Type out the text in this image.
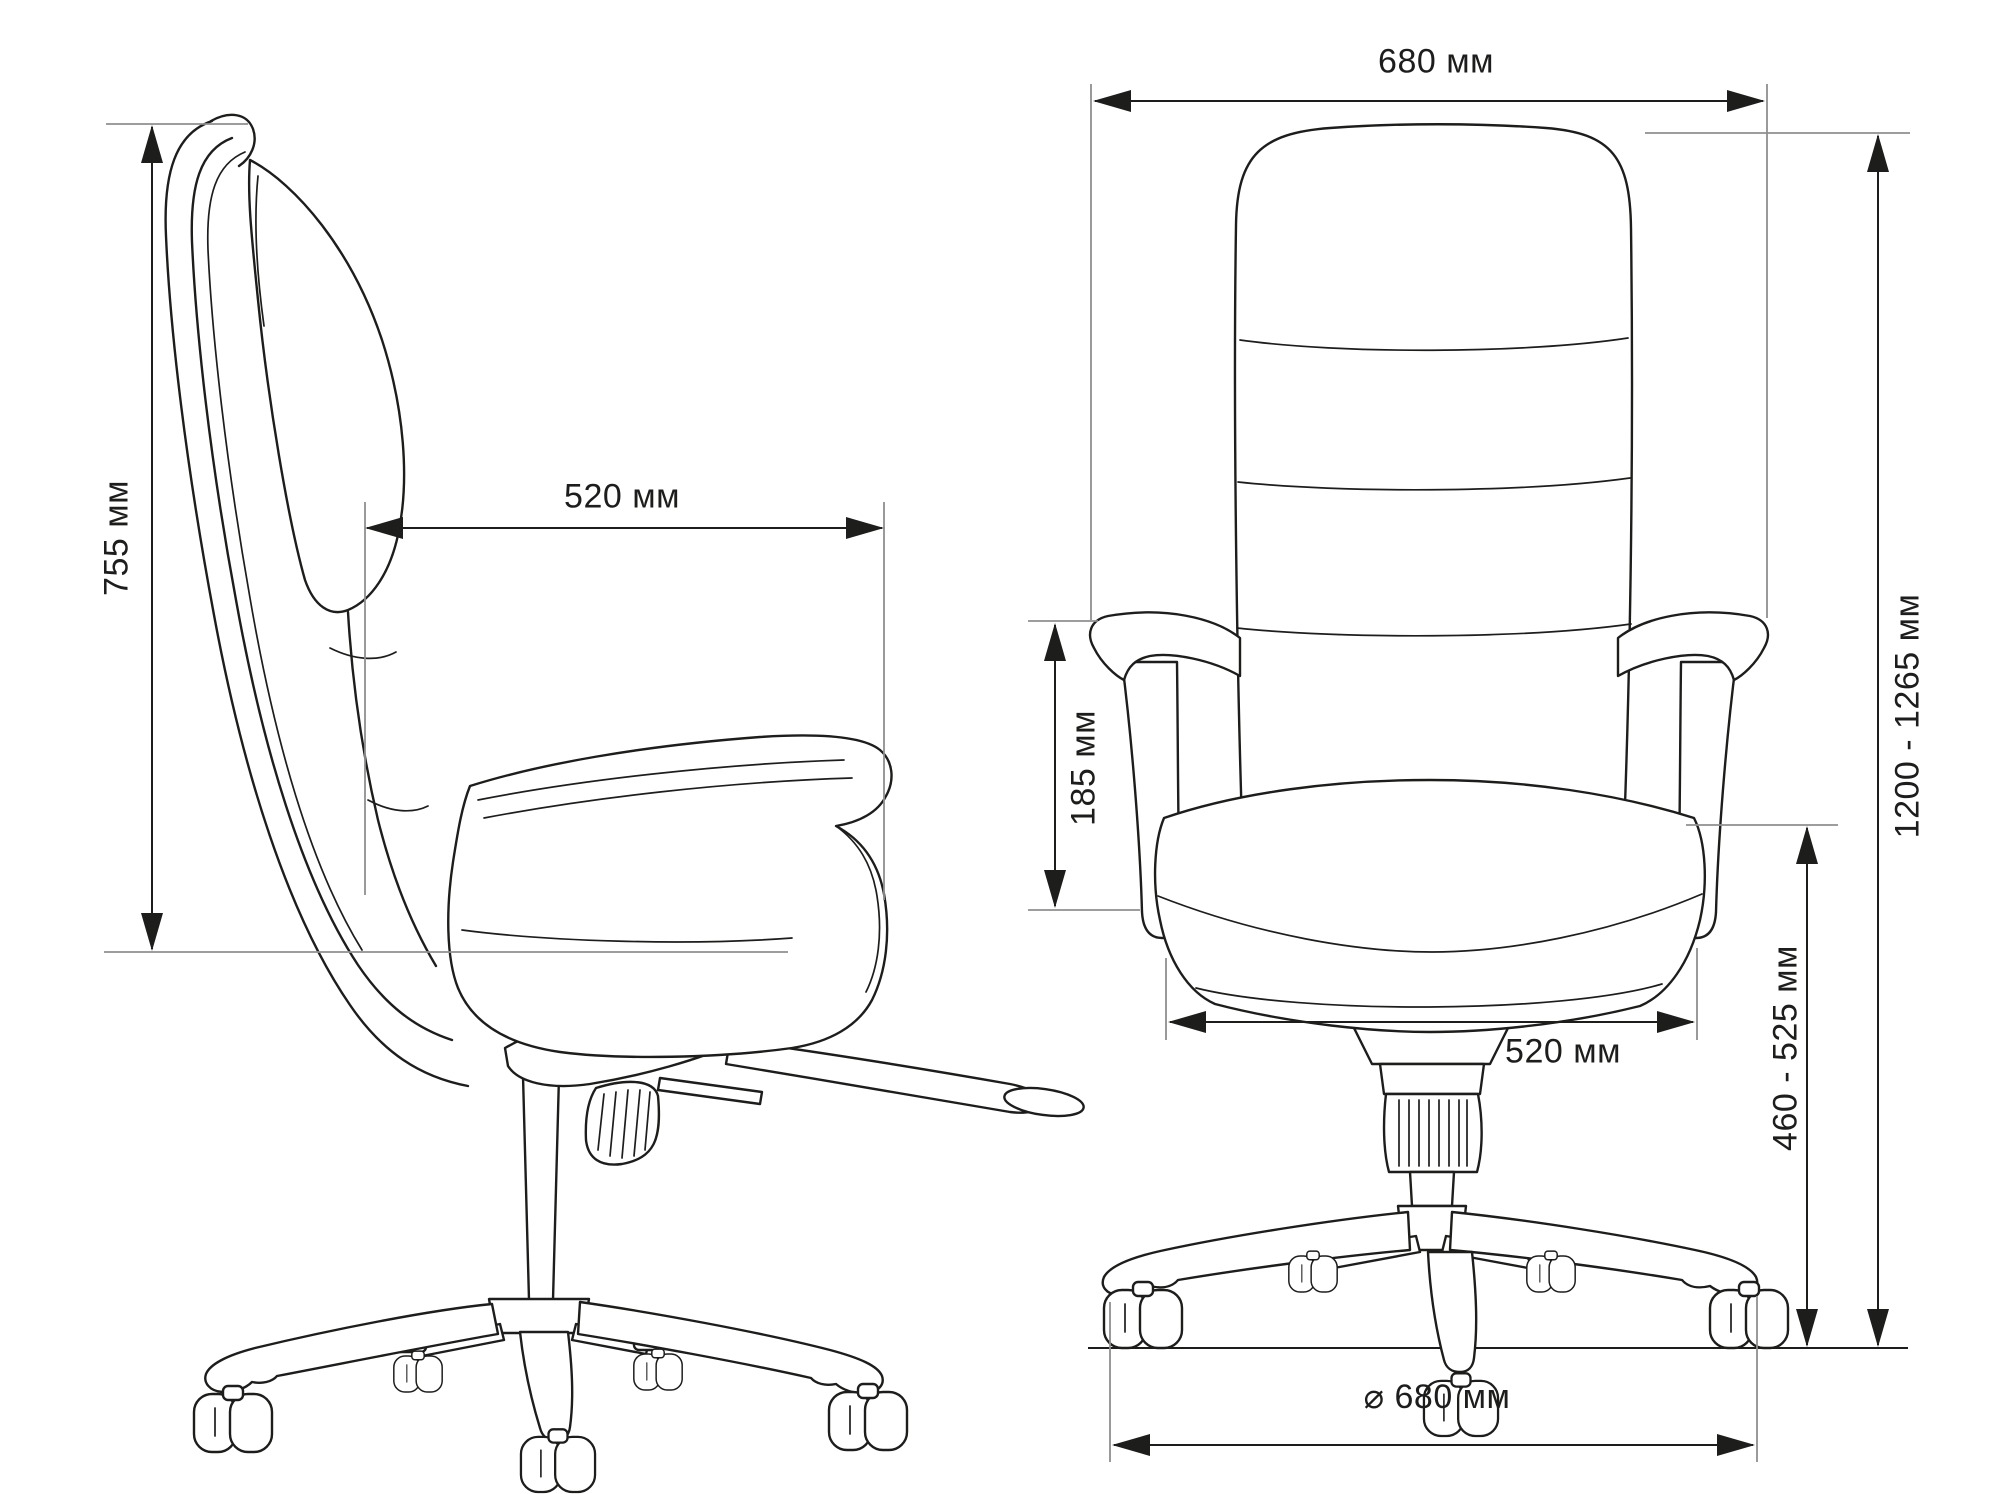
755 мм	520 мм
680 мм
185 мм
520 мм
1200 - 1265 мм
460 - 525 мм
⌀ 680 мм
